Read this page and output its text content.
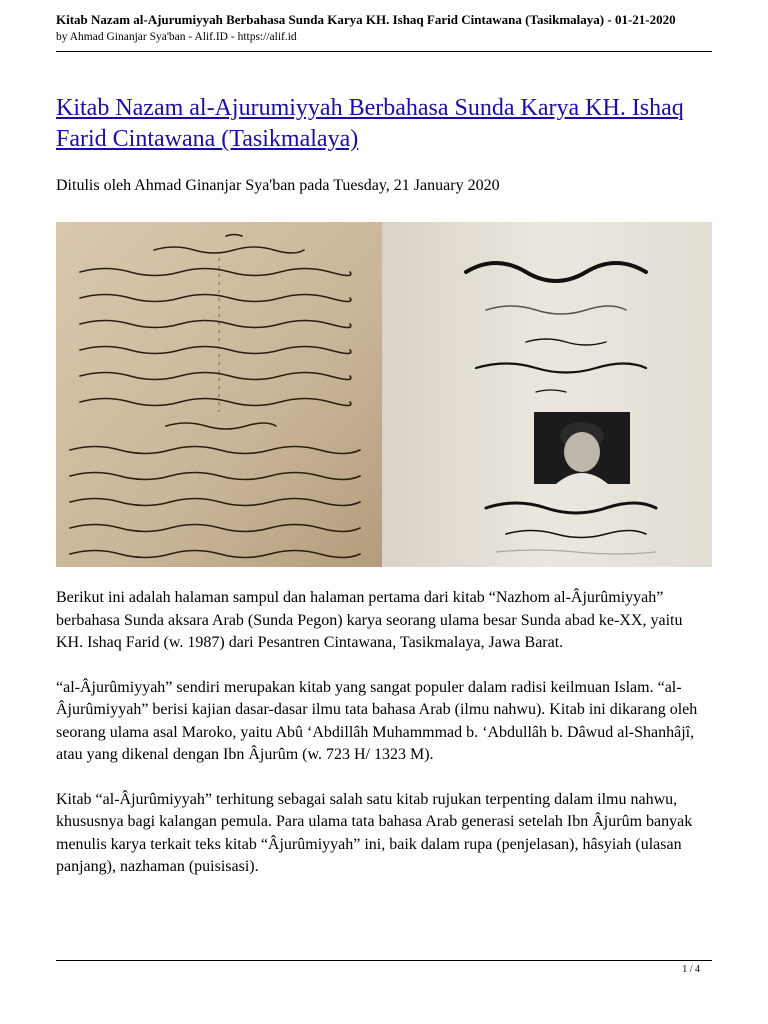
Kitab Nazam al-Ajurumiyyah Berbahasa Sunda Karya KH. Ishaq Farid Cintawana (Tasikmalaya) - 01-21-2020
by Ahmad Ginanjar Sya'ban - Alif.ID - https://alif.id
Kitab Nazam al-Ajurumiyyah Berbahasa Sunda Karya KH. Ishaq Farid Cintawana (Tasikmalaya)
Ditulis oleh Ahmad Ginanjar Sya'ban pada Tuesday, 21 January 2020

Berikut ini adalah halaman sampul dan halaman pertama dari kitab “Nazhom al-Âjurûmiyyah” berbahasa Sunda aksara Arab (Sunda Pegon) karya seorang ulama besar Sunda abad ke-XX, yaitu KH. Ishaq Farid (w. 1987) dari Pesantren Cintawana, Tasikmalaya, Jawa Barat.

“al-Âjurûmiyyah” sendiri merupakan kitab yang sangat populer dalam radisi keilmuan Islam. “al-Âjurûmiyyah” berisi kajian dasar-dasar ilmu tata bahasa Arab (ilmu nahwu). Kitab ini dikarang oleh seorang ulama asal Maroko, yaitu Abû ‘Abdillâh Muhammmad b. ‘Abdullâh b. Dâwud al-Shanhâjî, atau yang dikenal dengan Ibn Âjurûm (w. 723 H/ 1323 M).

Kitab “al-Âjurûmiyyah” terhitung sebagai salah satu kitab rujukan terpenting dalam ilmu nahwu, khususnya bagi kalangan pemula. Para ulama tata bahasa Arab generasi setelah Ibn Âjurûm banyak menulis karya terkait teks kitab “Âjurûmiyyah” ini, baik dalam rupa (penjelasan), hâsyiah (ulasan panjang), nazhaman (puisisasi).

1 / 4
